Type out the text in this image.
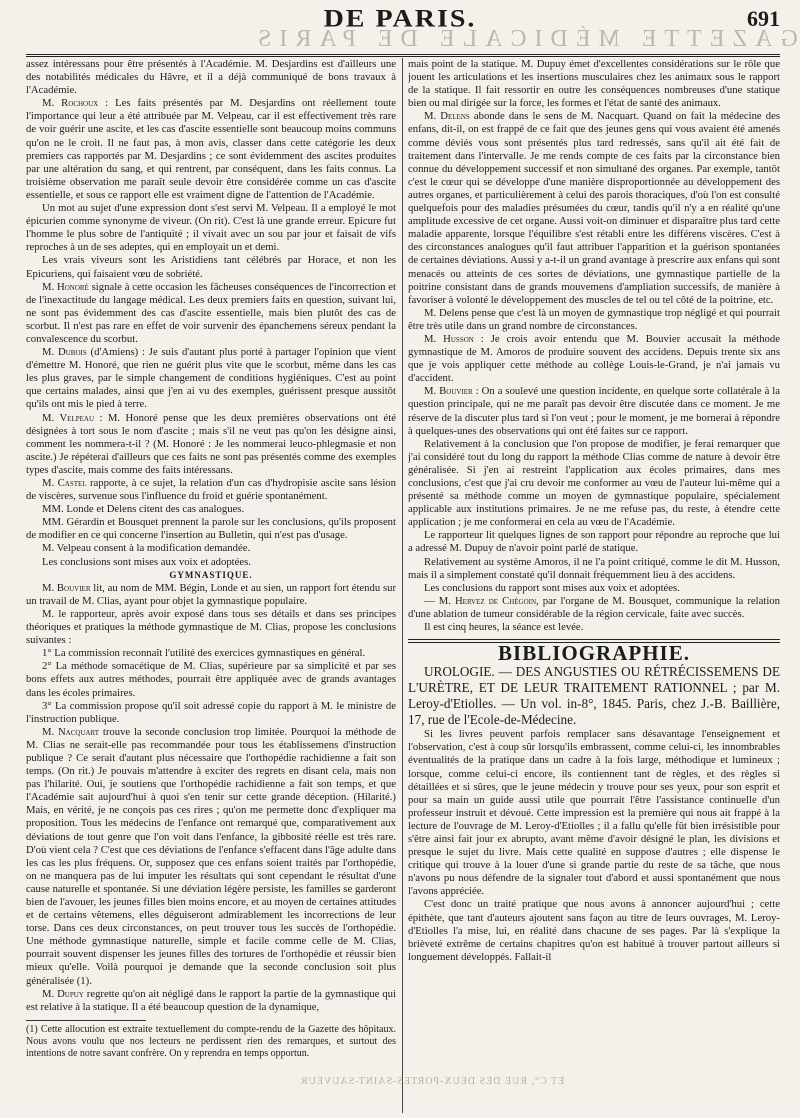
GAZETTE MÉDICALE DE PARIS
DE PARIS.	691

assez intéressans pour être présentés à l'Académie. M. Desjardins est d'ailleurs une des notabilités médicales du Hâvre, et il a déjà communiqué de bons travaux à l'Académie.

M. Rochoux : Les faits présentés par M. Desjardins ont réellement toute l'importance qui leur a été attribuée par M. Velpeau, car il est effectivement très rare de voir guérir une ascite, et les cas d'ascite essentielle sont beaucoup moins communs qu'on ne le croit. Il ne faut pas, à mon avis, classer dans cette catégorie les deux premiers cas rapportés par M. Desjardins ; ce sont évidemment des ascites produites par une altération du sang, et qui rentrent, par conséquent, dans les faits connus. La troisième observation me paraît seule devoir être considérée comme un cas d'ascite essentielle, et sous ce rapport elle est vraiment digne de l'attention de l'Académie.

Un mot au sujet d'une expression dont s'est servi M. Velpeau. Il a employé le mot épicurien comme synonyme de viveur. (On rit). C'est là une grande erreur. Epicure fut l'homme le plus sobre de l'antiquité ; il vivait avec un sou par jour et faisait de vifs reproches à un de ses adeptes, qui en employait un et demi.

Les vrais viveurs sont les Aristidiens tant célébrés par Horace, et non les Epicuriens, qui faisaient vœu de sobriété.

M. Honoré signale à cette occasion les fâcheuses conséquences de l'incorrection et de l'inexactitude du langage médical. Les deux premiers faits en question, suivant lui, ne sont pas évidemment des cas d'ascite essentielle, mais bien plutôt des cas de scorbut. Il n'est pas rare en effet de voir survenir des épanchemens séreux pendant la convalescence du scorbut.

M. Dubois (d'Amiens) : Je suis d'autant plus porté à partager l'opinion que vient d'émettre M. Honoré, que rien ne guérit plus vite que le scorbut, même dans les cas les plus graves, par le simple changement de conditions hygiéniques. C'est au point que certains malades, ainsi que j'en ai vu des exemples, guérissent presque aussitôt qu'ils ont mis le pied à terre.

M. Velpeau : M. Honoré pense que les deux premières observations ont été désignées à tort sous le nom d'ascite ; mais s'il ne veut pas qu'on les désigne ainsi, comment les nommera-t-il ? (M. Honoré : Je les nommerai leuco-phlegmasie et non ascite.) Je répéterai d'ailleurs que ces faits ne sont pas présentés comme des exemples types d'ascite, mais comme des faits intéressans.

M. Castel rapporte, à ce sujet, la relation d'un cas d'hydropisie ascite sans lésion de viscères, survenue sous l'influence du froid et guérie spontanément.

MM. Londe et Delens citent des cas analogues.

MM. Gérardin et Bousquet prennent la parole sur les conclusions, qu'ils proposent de modifier en ce qui concerne l'insertion au Bulletin, qui n'est pas d'usage.

M. Velpeau consent à la modification demandée.

Les conclusions sont mises aux voix et adoptées.

GYMNASTIQUE.

M. Bouvier lit, au nom de MM. Bégin, Londe et au sien, un rapport fort étendu sur un travail de M. Clias, ayant pour objet la gymnastique populaire.

M. le rapporteur, après avoir exposé dans tous ses détails et dans ses principes théoriques et pratiques la méthode gymnastique de M. Clias, propose les conclusions suivantes :

1° La commission reconnaît l'utilité des exercices gymnastiques en général.

2° La méthode somacétique de M. Clias, supérieure par sa simplicité et par ses bons effets aux autres méthodes, pourrait être appliquée avec de grands avantages dans les écoles primaires.

3° La commission propose qu'il soit adressé copie du rapport à M. le ministre de l'instruction publique.

M. Nacquart trouve la seconde conclusion trop limitée. Pourquoi la méthode de M. Clias ne serait-elle pas recommandée pour tous les établissemens d'instruction publique ? Ce serait d'autant plus nécessaire que l'orthopédie rachidienne a fait son temps. (On rit.) Je pouvais m'attendre à exciter des regrets en disant cela, mais non pas l'hilarité. Oui, je soutiens que l'orthopédie rachidienne a fait son temps, et que l'Académie sait aujourd'hui à quoi s'en tenir sur cette grande déception. (Hilarité.) Mais, en vérité, je ne conçois pas ces rires ; qu'on me permette donc d'expliquer ma proposition. Tous les médecins de l'enfance ont remarqué que, comparativement aux déviations de tout genre que l'on voit dans l'enfance, la gibbosité réelle est très rare. D'où vient cela ? C'est que ces déviations de l'enfance s'effacent dans l'âge adulte dans les cas les plus fréquens. Or, supposez que ces enfans soient traités par l'orthopédie, on ne manquera pas de lui imputer les résultats qui sont cependant le résultat d'une cause naturelle et spontanée. Si une déviation légère persiste, les familles se garderont bien de l'avouer, les jeunes filles bien moins encore, et au moyen de certaines attitudes et de certains vêtemens, elles déguiseront admirablement les incorrections de leur torse. Dans ces deux circonstances, on peut trouver tous les succès de l'orthopédie. Une méthode gymnastique naturelle, simple et facile comme celle de M. Clias, pourrait souvent dispenser les jeunes filles des tortures de l'orthopédie et réussir bien mieux qu'elle. Voilà pourquoi je demande que la seconde conclusion soit plus généralisée (1).

M. Dupuy regrette qu'on ait négligé dans le rapport la partie de la gymnastique qui est relative à la statique. Il a été beaucoup question de la dynamique,

(1) Cette allocution est extraite textuellement du compte-rendu de la Gazette des hôpitaux. Nous avons voulu que nos lecteurs ne perdissent rien des remarques, et surtout des intentions de notre savant confrère. On y reprendra en temps opportun.

mais point de la statique. M. Dupuy émet d'excellentes considérations sur le rôle que jouent les articulations et les insertions musculaires chez les animaux sous le rapport de la statique. Il fait ressortir en outre les conséquences nombreuses d'une statique bien ou mal dirigée sur la force, les formes et l'état de santé des animaux.

M. Delens abonde dans le sens de M. Nacquart. Quand on fait la médecine des enfans, dit-il, on est frappé de ce fait que des jeunes gens qui vous avaient été amenés comme déviés vous sont présentés plus tard redressés, sans qu'il ait été fait de traitement dans l'intervalle. Je me rends compte de ces faits par la circonstance bien connue du développement successif et non simultané des organes. Par exemple, tantôt c'est le cœur qui se développe d'une manière disproportionnée au développement des autres organes, et particulièrement à celui des parois thoraciques, d'où l'on est consulté quelquefois pour des maladies présumées du cœur, tandis qu'il n'y a en réalité qu'une amplitude excessive de cet organe. Aussi voit-on diminuer et disparaître plus tard cette maladie apparente, lorsque l'équilibre s'est rétabli entre les différens viscères. C'est à des circonstances analogues qu'il faut attribuer l'apparition et la guérison spontanées de certaines déviations. Aussi y a-t-il un grand avantage à prescrire aux enfans qui sont menacés ou atteints de ces sortes de déviations, une gymnastique partielle de la poitrine consistant dans de grands mouvemens d'ampliation successifs, de manière à favoriser à volonté le développement des muscles de tel ou tel côté de la poitrine, etc.

M. Delens pense que c'est là un moyen de gymnastique trop négligé et qui pourrait être très utile dans un grand nombre de circonstances.

M. Husson : Je crois avoir entendu que M. Bouvier accusait la méthode gymnastique de M. Amoros de produire souvent des accidens. Depuis trente six ans que je vois appliquer cette méthode au collège Louis-le-Grand, je n'ai jamais vu d'accident.

M. Bouvier : On a soulevé une question incidente, en quelque sorte collatérale à la question principale, qui ne me paraît pas devoir être discutée dans ce moment. Je me réserve de la discuter plus tard si l'on veut ; pour le moment, je me bornerai à répondre à quelques-unes des observations qui ont été faites sur ce rapport.

Relativement à la conclusion que l'on propose de modifier, je ferai remarquer que j'ai considéré tout du long du rapport la méthode Clias comme de nature à devoir être généralisée. Si j'en ai restreint l'application aux écoles primaires, dans mes conclusions, c'est que j'ai cru devoir me conformer au vœu de l'auteur lui-même qui a présenté sa méthode comme un moyen de gymnastique populaire, spécialement applicable aux institutions primaires. Je ne me refuse pas, du reste, à étendre cette application ; je me conformerai en cela au vœu de l'Académie.

Le rapporteur lit quelques lignes de son rapport pour répondre au reproche que lui a adressé M. Dupuy de n'avoir point parlé de statique.

Relativement au système Amoros, il ne l'a point critiqué, comme le dit M. Husson, mais il a simplement constaté qu'il donnait fréquemment lieu à des accidens.

Les conclusions du rapport sont mises aux voix et adoptées.

— M. Hervez de Chégoin, par l'organe de M. Bousquet, communique la relation d'une ablation de tumeur considérable de la région cervicale, faite avec succès.

Il est cinq heures, la séance est levée.

BIBLIOGRAPHIE.

UROLOGIE. — DES ANGUSTIES OU RÉTRÉCISSEMENS DE L'URÈTRE, ET DE LEUR TRAITEMENT RATIONNEL ; par M. Leroy-d'Etiolles. — Un vol. in-8°, 1845. Paris, chez J.-B. Baillière, 17, rue de l'Ecole-de-Médecine.

Si les livres peuvent parfois remplacer sans désavantage l'enseignement et l'observation, c'est à coup sûr lorsqu'ils embrassent, comme celui-ci, les innombrables éventualités de la pratique dans un cadre à la fois large, méthodique et lumineux ; lorsque, comme celui-ci encore, ils contiennent tant de règles, et des règles si détaillées et si sûres, que le jeune médecin y trouve pour ses yeux, pour son esprit et pour sa main un guide aussi utile que pourrait l'être l'assistance continuelle d'un professeur instruit et dévoué. Cette impression est la première qui nous ait frappé à la lecture de l'ouvrage de M. Leroy-d'Etiolles ; il a fallu qu'elle fût bien irrésistible pour s'être ainsi fait jour ex abrupto, avant même d'avoir désigné le plan, les divisions et presque le sujet du livre. Mais cette qualité en suppose d'autres ; elle dispense le critique qui trouve à la louer d'une si grande partie du reste de sa tâche, que nous n'avons pu nous défendre de la signaler tout d'abord et aussi spontanément que nous l'avons appréciée.

C'est donc un traité pratique que nous avons à annoncer aujourd'hui ; cette épithète, que tant d'auteurs ajoutent sans façon au titre de leurs ouvrages, M. Leroy-d'Etiolles l'a mise, lui, en réalité dans chacune de ses pages. Par là s'explique la brièveté extrême de certains chapitres qu'on est habitué à trouver partout ailleurs si longuement développés. Fallait-il

ET C°, RUE DES DEUX-PORTES-SAINT-SAUVEUR
